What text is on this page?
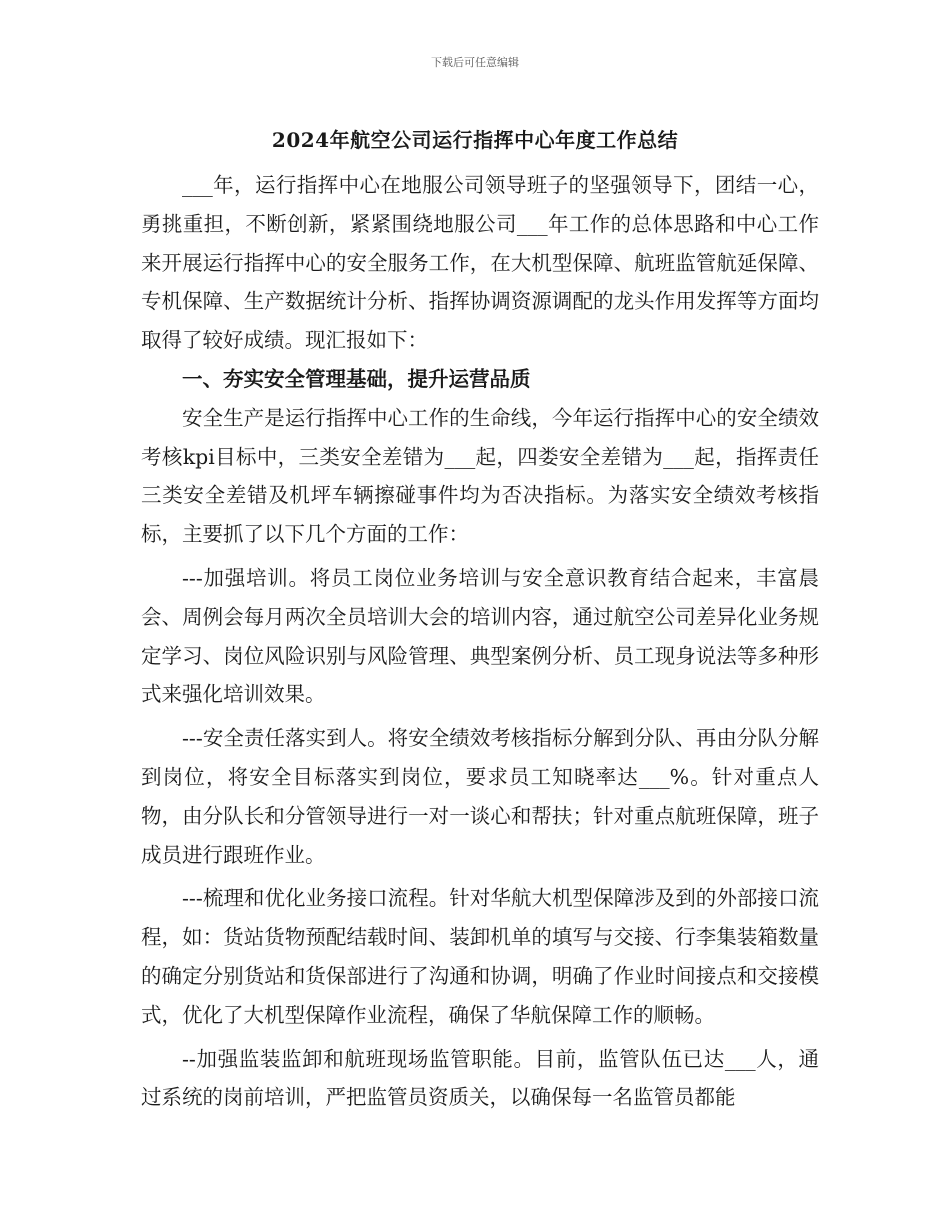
下载后可任意编辑
2024年航空公司运行指挥中心年度工作总结

___年，运行指挥中心在地服公司领导班子的坚强领导下，团结一心，勇挑重担，不断创新，紧紧围绕地服公司___年工作的总体思路和中心工作来开展运行指挥中心的安全服务工作，在大机型保障、航班监管航延保障、专机保障、生产数据统计分析、指挥协调资源调配的龙头作用发挥等方面均取得了较好成绩。现汇报如下：

一、夯实安全管理基础，提升运营品质

安全生产是运行指挥中心工作的生命线，今年运行指挥中心的安全绩效考核kpi目标中，三类安全差错为___起，四娄安全差错为___起，指挥责任三类安全差错及机坪车辆擦碰事件均为否决指标。为落实安全绩效考核指标，主要抓了以下几个方面的工作：

---加强培训。将员工岗位业务培训与安全意识教育结合起来，丰富晨会、周例会每月两次全员培训大会的培训内容，通过航空公司差异化业务规定学习、岗位风险识别与风险管理、典型案例分析、员工现身说法等多种形式来强化培训效果。

---安全责任落实到人。将安全绩效考核指标分解到分队、再由分队分解到岗位，将安全目标落实到岗位，要求员工知晓率达___%。针对重点人物，由分队长和分管领导进行一对一谈心和帮扶；针对重点航班保障，班子成员进行跟班作业。

---梳理和优化业务接口流程。针对华航大机型保障涉及到的外部接口流程，如：货站货物预配结载时间、装卸机单的填写与交接、行李集装箱数量的确定分别货站和货保部进行了沟通和协调，明确了作业时间接点和交接模式，优化了大机型保障作业流程，确保了华航保障工作的顺畅。

--加强监装监卸和航班现场监管职能。目前，监管队伍已达___人，通过系统的岗前培训，严把监管员资质关，以确保每一名监管员都能
